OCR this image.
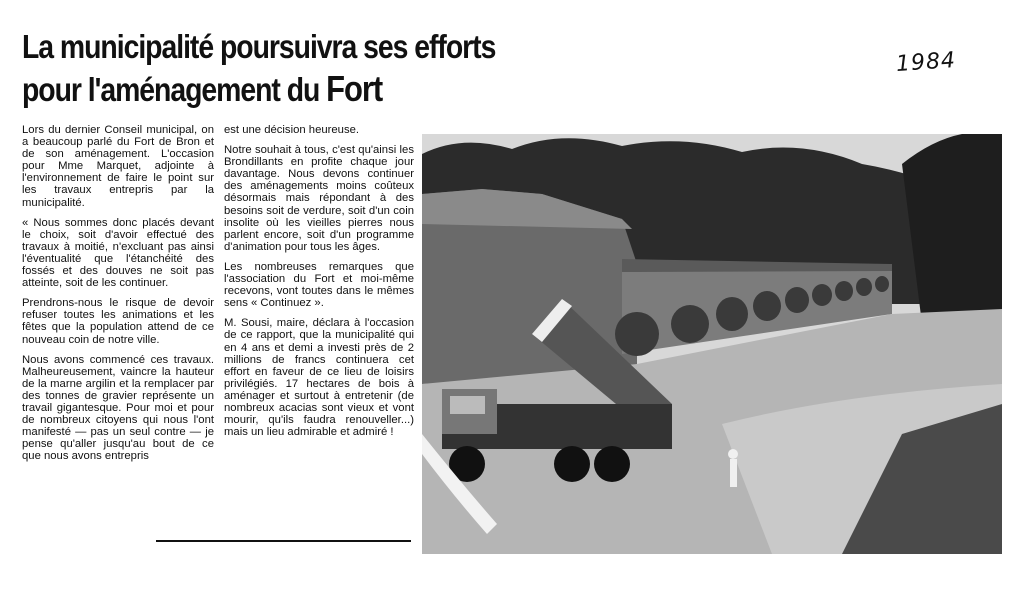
La municipalité poursuivra ses efforts
pour l'aménagement du Fort
1984

Lors du dernier Conseil municipal, on a beaucoup parlé du Fort de Bron et de son aménagement. L'occasion pour Mme Marquet, adjointe à l'environnement de faire le point sur les travaux entrepris par la municipalité.

« Nous sommes donc placés devant le choix, soit d'avoir effectué des travaux à moitié, n'excluant pas ainsi l'éventualité que l'étanchéité des fossés et des douves ne soit pas atteinte, soit de les continuer.

Prendrons-nous le risque de devoir refuser toutes les animations et les fêtes que la population attend de ce nouveau coin de notre ville.

Nous avons commencé ces travaux. Malheureusement, vaincre la hauteur de la marne argilin et la remplacer par des tonnes de gravier représente un travail gigantesque. Pour moi et pour de nombreux citoyens qui nous l'ont manifesté — pas un seul contre — je pense qu'aller jusqu'au bout de ce que nous avons entrepris

est une décision heureuse.

Notre souhait à tous, c'est qu'ainsi les Brondillants en profite chaque jour davantage. Nous devons continuer des aménagements moins coûteux désormais mais répondant à des besoins soit de verdure, soit d'un coin insolite où les vieilles pierres nous parlent encore, soit d'un programme d'animation pour tous les âges.

Les nombreuses remarques que l'association du Fort et moi-même recevons, vont toutes dans le mêmes sens « Continuez ».

M. Sousi, maire, déclara à l'occasion de ce rapport, que la municipalité qui en 4 ans et demi a investi près de 2 millions de francs continuera cet effort en faveur de ce lieu de loisirs privilégiés. 17 hectares de bois à aménager et surtout à entretenir (de nombreux acacias sont vieux et vont mourir, qu'ils faudra renouveller...) mais un lieu admirable et admiré !
